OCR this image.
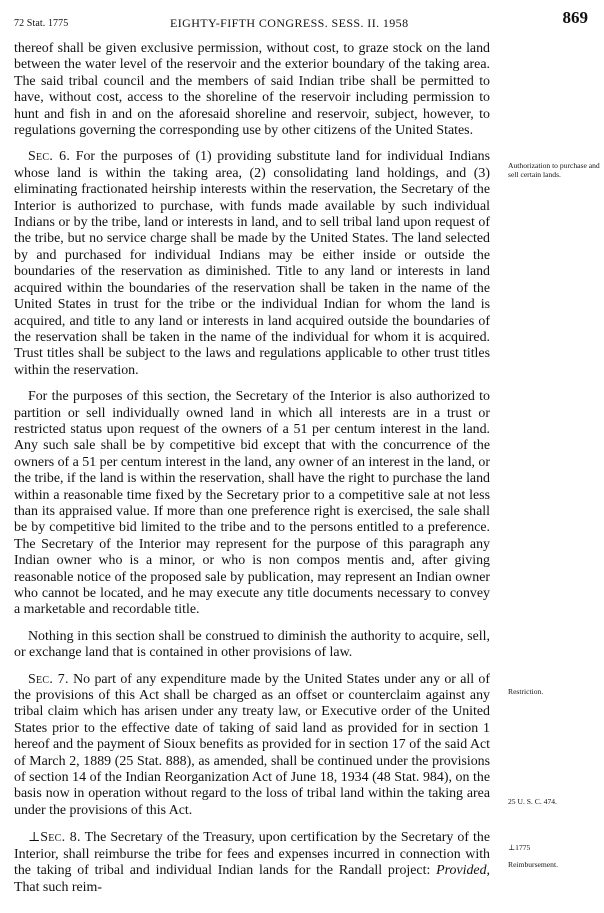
72 Stat. 1775	EIGHTY-FIFTH CONGRESS. SESS. II. 1958	869

thereof shall be given exclusive permission, without cost, to graze stock on the land between the water level of the reservoir and the exterior boundary of the taking area. The said tribal council and the members of said Indian tribe shall be permitted to have, without cost, access to the shoreline of the reservoir including permission to hunt and fish in and on the aforesaid shoreline and reservoir, subject, however, to regulations governing the corresponding use by other citizens of the United States.

Sec. 6. For the purposes of (1) providing substitute land for individual Indians whose land is within the taking area, (2) consolidating land holdings, and (3) eliminating fractionated heirship interests within the reservation, the Secretary of the Interior is authorized to purchase, with funds made available by such individual Indians or by the tribe, land or interests in land, and to sell tribal land upon request of the tribe, but no service charge shall be made by the United States. The land selected by and purchased for individual Indians may be either inside or outside the boundaries of the reservation as diminished. Title to any land or interests in land acquired within the boundaries of the reservation shall be taken in the name of the United States in trust for the tribe or the individual Indian for whom the land is acquired, and title to any land or interests in land acquired outside the boundaries of the reservation shall be taken in the name of the individual for whom it is acquired. Trust titles shall be subject to the laws and regulations applicable to other trust titles within the reservation.

For the purposes of this section, the Secretary of the Interior is also authorized to partition or sell individually owned land in which all interests are in a trust or restricted status upon request of the owners of a 51 per centum interest in the land. Any such sale shall be by competitive bid except that with the concurrence of the owners of a 51 per centum interest in the land, any owner of an interest in the land, or the tribe, if the land is within the reservation, shall have the right to purchase the land within a reasonable time fixed by the Secretary prior to a competitive sale at not less than its appraised value. If more than one preference right is exercised, the sale shall be by competitive bid limited to the tribe and to the persons entitled to a preference. The Secretary of the Interior may represent for the purpose of this paragraph any Indian owner who is a minor, or who is non compos mentis and, after giving reasonable notice of the proposed sale by publication, may represent an Indian owner who cannot be located, and he may execute any title documents necessary to convey a marketable and recordable title.

Nothing in this section shall be construed to diminish the authority to acquire, sell, or exchange land that is contained in other provisions of law.

Sec. 7. No part of any expenditure made by the United States under any or all of the provisions of this Act shall be charged as an offset or counterclaim against any tribal claim which has arisen under any treaty law, or Executive order of the United States prior to the effective date of taking of said land as provided for in section 1 hereof and the payment of Sioux benefits as provided for in section 17 of the said Act of March 2, 1889 (25 Stat. 888), as amended, shall be continued under the provisions of section 14 of the Indian Reorganization Act of June 18, 1934 (48 Stat. 984), on the basis now in operation without regard to the loss of tribal land within the taking area under the provisions of this Act.

⊥Sec. 8. The Secretary of the Treasury, upon certification by the Secretary of the Interior, shall reimburse the tribe for fees and expenses incurred in connection with the taking of tribal and individual Indian lands for the Randall project: Provided, That such reim-

Authorization to purchase and sell certain lands.
Restriction.
25 U. S. C. 474.
⊥1775
Reimbursement.
